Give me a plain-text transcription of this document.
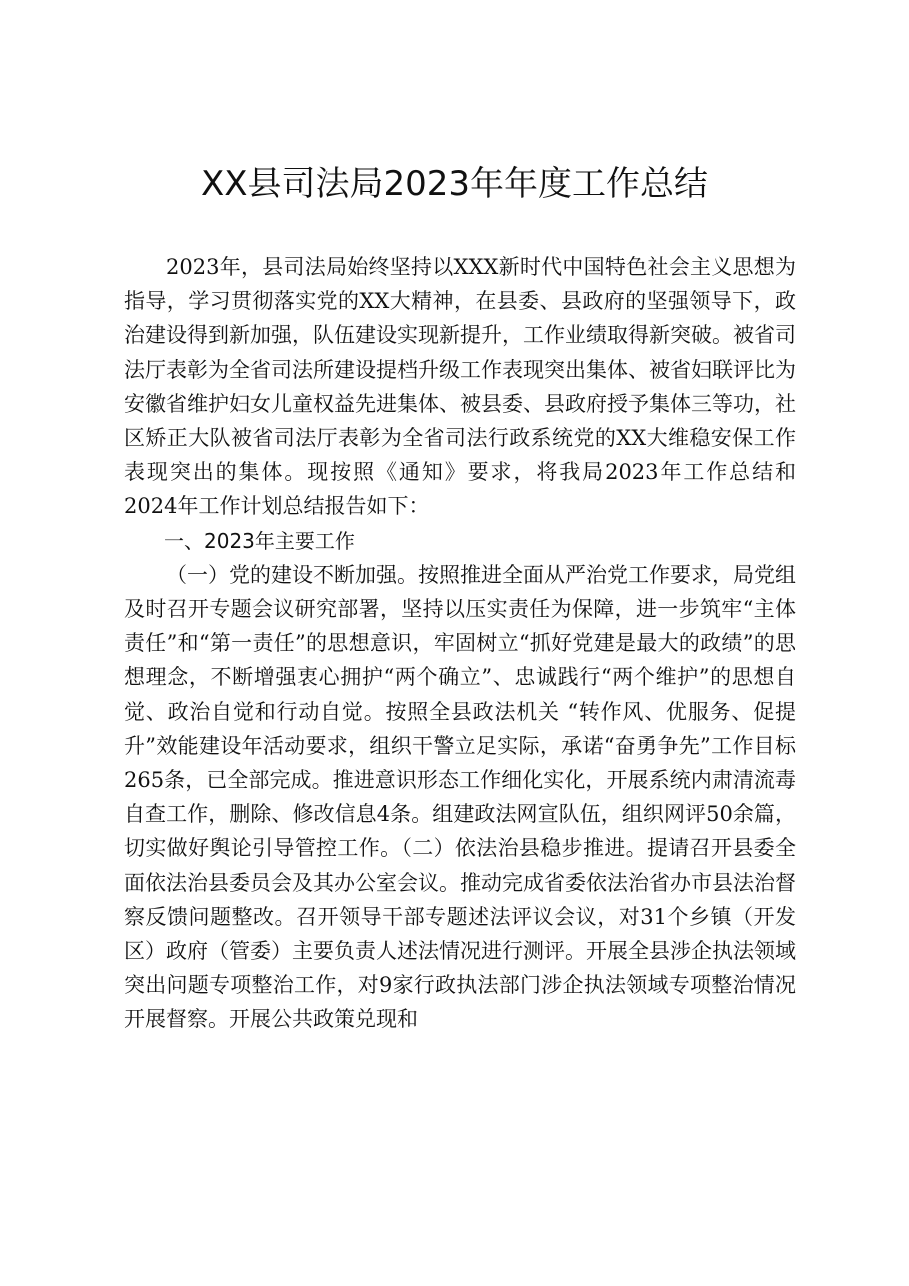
XX县司法局2023年年度工作总结

2023年，县司法局始终坚持以XXX新时代中国特色社会主义思想为指导，学习贯彻落实党的XX大精神，在县委、县政府的坚强领导下，政治建设得到新加强，队伍建设实现新提升，工作业绩取得新突破。被省司法厅表彰为全省司法所建设提档升级工作表现突出集体、被省妇联评比为安徽省维护妇女儿童权益先进集体、被县委、县政府授予集体三等功，社区矫正大队被省司法厅表彰为全省司法行政系统党的XX大维稳安保工作表现突出的集体。现按照《通知》要求，将我局2023年工作总结和2024年工作计划总结报告如下：

一、2023年主要工作

（一）党的建设不断加强。按照推进全面从严治党工作要求，局党组及时召开专题会议研究部署，坚持以压实责任为保障，进一步筑牢“主体责任”和“第一责任”的思想意识，牢固树立“抓好党建是最大的政绩”的思想理念，不断增强衷心拥护“两个确立”、忠诚践行“两个维护”的思想自觉、政治自觉和行动自觉。按照全县政法机关 “转作风、优服务、促提升”效能建设年活动要求，组织干警立足实际，承诺“奋勇争先”工作目标265条，已全部完成。推进意识形态工作细化实化，开展系统内肃清流毒自查工作，删除、修改信息4条。组建政法网宣队伍，组织网评50余篇，切实做好舆论引导管控工作。（二）依法治县稳步推进。提请召开县委全面依法治县委员会及其办公室会议。推动完成省委依法治省办市县法治督察反馈问题整改。召开领导干部专题述法评议会议，对31个乡镇（开发区）政府（管委）主要负责人述法情况进行测评。开展全县涉企执法领域突出问题专项整治工作，对9家行政执法部门涉企执法领域专项整治情况开展督察。开展公共政策兑现和
